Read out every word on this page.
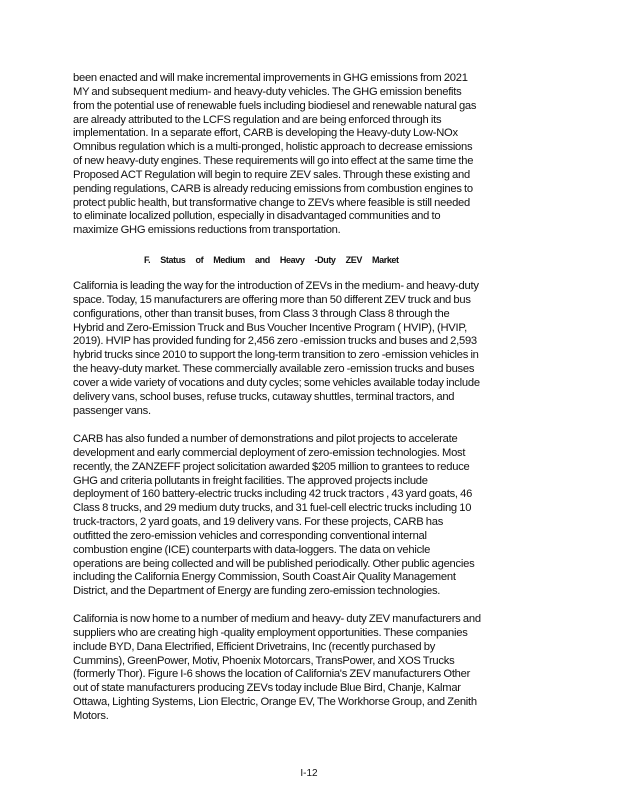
been enacted and will make incremental improvements in GHG emissions from 2021
MY and subsequent medium- and heavy-duty vehicles. The GHG emission benefits
from the potential use of renewable fuels including biodiesel and renewable natural gas
are already attributed to the LCFS regulation and are being enforced through its
implementation. In a separate effort, CARB is developing the Heavy-duty Low-NOx
Omnibus regulation which is a multi-pronged, holistic approach to decrease emissions
of new heavy-duty engines. These requirements will go into effect at the same time the
Proposed ACT Regulation will begin to require ZEV sales. Through these existing and
pending regulations, CARB is already reducing emissions from combustion engines to
protect public health, but transformative change to ZEVs where feasible is still needed
to eliminate localized pollution, especially in disadvantaged communities and to
maximize GHG emissions reductions from transportation.

F. Status of Medium and Heavy -Duty ZEV Market

California is leading the way for the introduction of ZEVs in the medium- and heavy-duty
space. Today, 15 manufacturers are offering more than 50 different ZEV truck and bus
configurations, other than transit buses, from Class 3 through Class 8 through the
Hybrid and Zero-Emission Truck and Bus Voucher Incentive Program ( HVIP), (HVIP,
2019). HVIP has provided funding for 2,456 zero -emission trucks and buses and 2,593
hybrid trucks since 2010 to support the long-term transition to zero -emission vehicles in
the heavy-duty market. These commercially available zero -emission trucks and buses
cover a wide variety of vocations and duty cycles; some vehicles available today include
delivery vans, school buses, refuse trucks, cutaway shuttles, terminal tractors, and
passenger vans.

CARB has also funded a number of demonstrations and pilot projects to accelerate
development and early commercial deployment of zero-emission technologies. Most
recently, the ZANZEFF project solicitation awarded $205 million to grantees to reduce
GHG and criteria pollutants in freight facilities. The approved projects include
deployment of 160 battery-electric trucks including 42 truck tractors , 43 yard goats, 46
Class 8 trucks, and 29 medium duty trucks, and 31 fuel-cell electric trucks including 10
truck-tractors, 2 yard goats, and 19 delivery vans. For these projects, CARB has
outfitted the zero-emission vehicles and corresponding conventional internal
combustion engine (ICE) counterparts with data-loggers. The data on vehicle
operations are being collected and will be published periodically. Other public agencies
including the California Energy Commission, South Coast Air Quality Management
District, and the Department of Energy are funding zero-emission technologies.

California is now home to a number of medium and heavy- duty ZEV manufacturers and
suppliers who are creating high -quality employment opportunities. These companies
include BYD, Dana Electrified, Efficient Drivetrains, Inc (recently purchased by
Cummins), GreenPower, Motiv, Phoenix Motorcars, TransPower, and XOS Trucks
(formerly Thor). Figure I-6 shows the location of California's ZEV manufacturers Other
out of state manufacturers producing ZEVs today include Blue Bird, Chanje, Kalmar
Ottawa, Lighting Systems, Lion Electric, Orange EV, The Workhorse Group, and Zenith
Motors.

I-12
